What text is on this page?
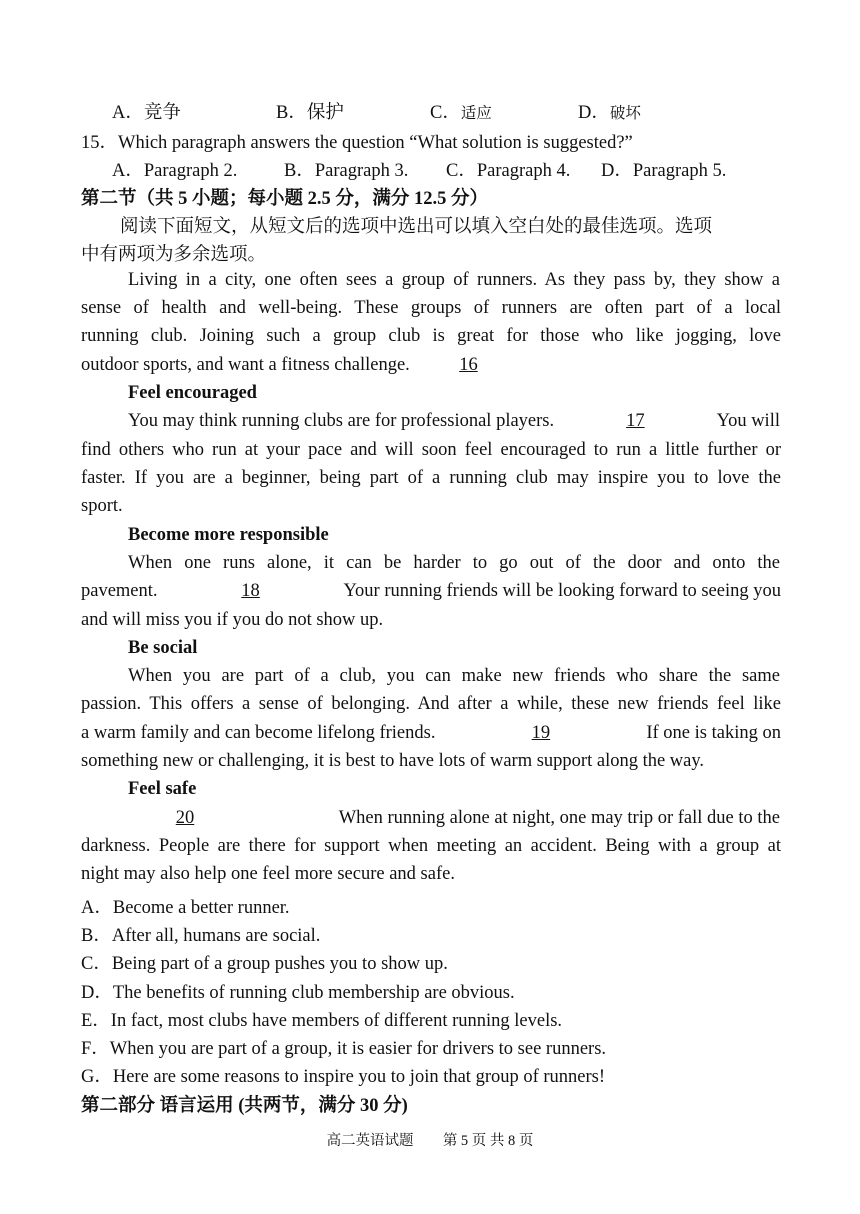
A．竞争	B．保护	C．适应	D．破坏
15．Which paragraph answers the question “What solution is suggested?”
A．Paragraph 2.	B．Paragraph 3. C．Paragraph 4. D．Paragraph 5.
第二节（共 5 小题；每小题 2.5 分，满分 12.5 分）
阅读下面短文，从短文后的选项中选出可以填入空白处的最佳选项。选项
中有两项为多余选项。
Living in a city, one often sees a group of runners. As they pass by, they show a
sense of health and well-being. These groups of runners are often part of a local
running club. Joining such a group club is great for those who like jogging, love
outdoor sports, and want a fitness challenge.	16
Feel encouraged
You may think running clubs are for professional players.	17	You will
find others who run at your pace and will soon feel encouraged to run a little further or
faster. If you are a beginner, being part of a running club may inspire you to love the
sport.
Become more responsible
When one runs alone, it can be harder to go out of the door and onto the
pavement.	18	Your running friends will be looking forward to seeing you
and will miss you if you do not show up.
Be social
When you are part of a club, you can make new friends who share the same
passion. This offers a sense of belonging. And after a while, these new friends feel like
a warm family and can become lifelong friends.	19	If one is taking on
something new or challenging, it is best to have lots of warm support along the way.
Feel safe
20	When running alone at night, one may trip or fall due to the
darkness. People are there for support when meeting an accident. Being with a group at
night may also help one feel more secure and safe.
A．Become a better runner.
B．After all, humans are social.
C．Being part of a group pushes you to show up.
D．The benefits of running club membership are obvious.
E．In fact, most clubs have members of different running levels.
F．When you are part of a group, it is easier for drivers to see runners.
G．Here are some reasons to inspire you to join that group of runners!
第二部分 语言运用 (共两节，满分 30 分)
高二英语试题 第 5 页 共 8 页
